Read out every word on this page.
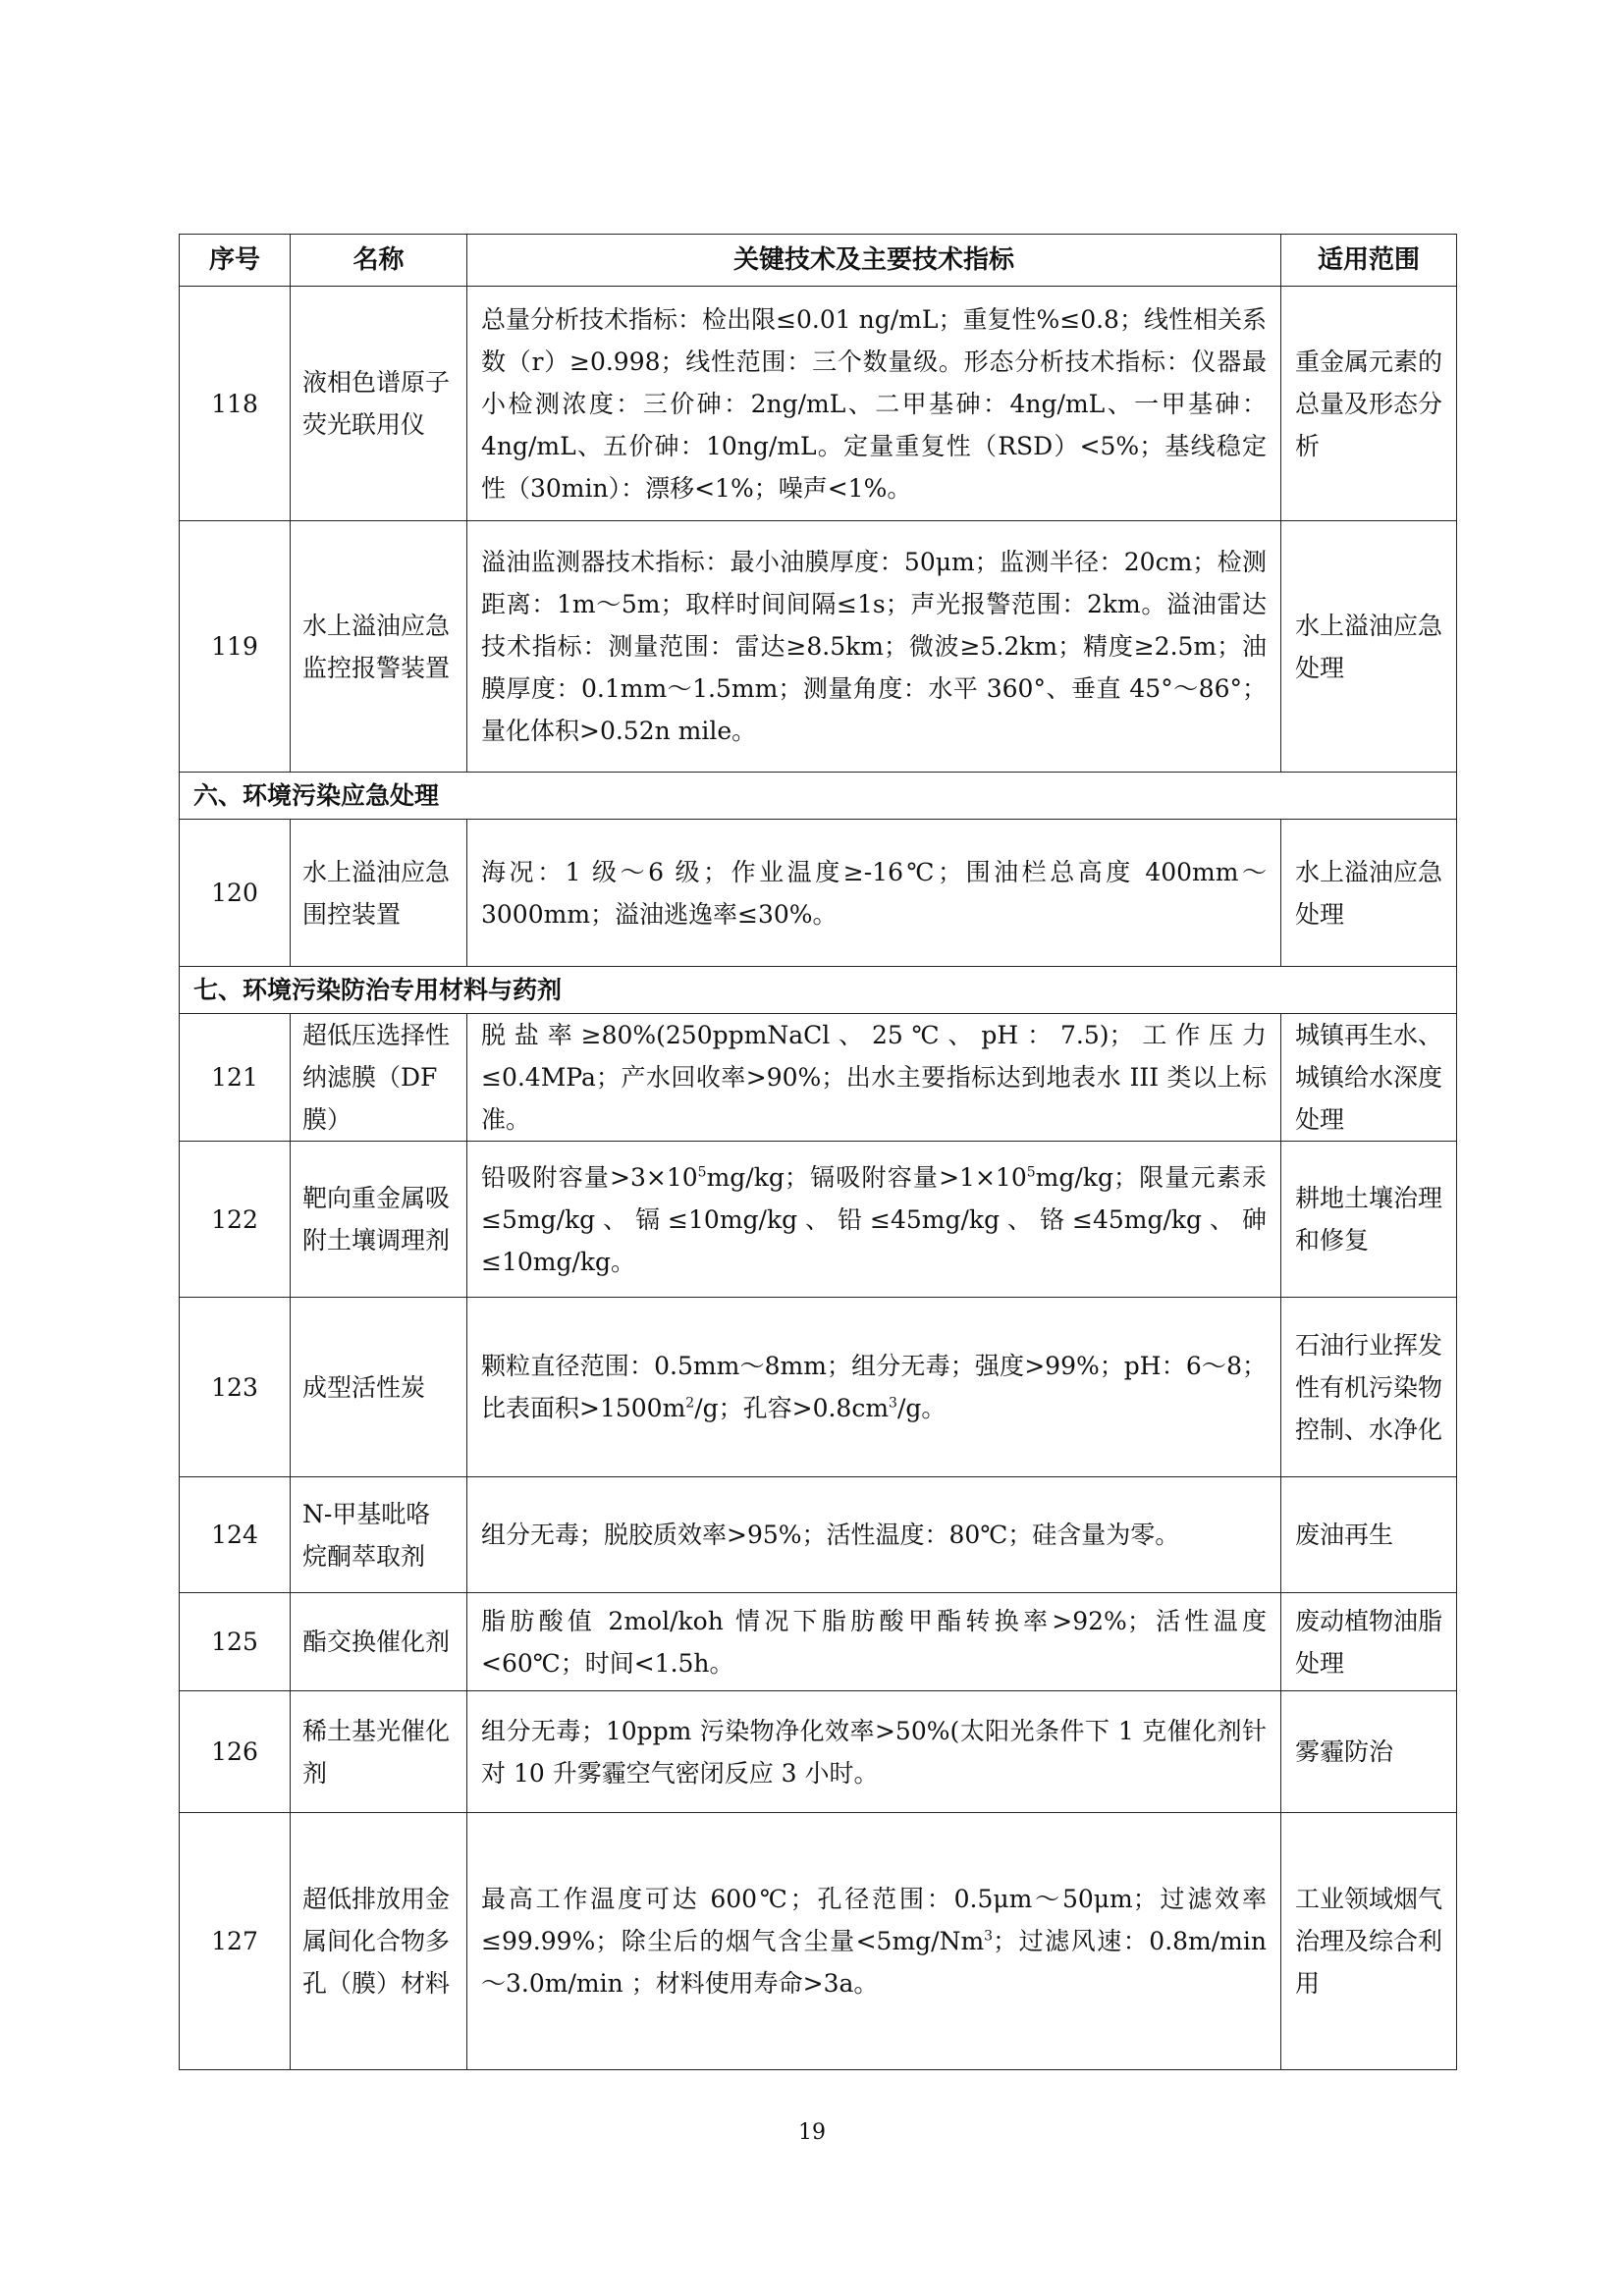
序号	名称	关键技术及主要技术指标	适用范围
118	液相色谱原子荧光联用仪	总量分析技术指标：检出限≤0.01 ng/mL；重复性%≤0.8；线性相关系数（r）≥0.998；线性范围：三个数量级。形态分析技术指标：仪器最小检测浓度：三价砷：2ng/mL、二甲基砷：4ng/mL、一甲基砷：4ng/mL、五价砷：10ng/mL。定量重复性（RSD）<5%；基线稳定性（30min）：漂移<1%；噪声<1%。	重金属元素的总量及形态分析
119	水上溢油应急监控报警装置	溢油监测器技术指标：最小油膜厚度：50μm；监测半径：20cm；检测距离：1m～5m；取样时间间隔≤1s；声光报警范围：2km。溢油雷达技术指标：测量范围：雷达≥8.5km；微波≥5.2km；精度≥2.5m；油膜厚度：0.1mm～1.5mm；测量角度：水平 360°、垂直 45°～86°；量化体积>0.52n mile。	水上溢油应急处理
六、环境污染应急处理			
120	水上溢油应急围控装置	海况：1 级～6 级；作业温度≥-16℃；围油栏总高度 400mm～3000mm；溢油逃逸率≤30%。	水上溢油应急处理
七、环境污染防治专用材料与药剂			
121	超低压选择性纳滤膜（DF 膜）	脱盐率≥80%(250ppmNaCl、25℃、pH：7.5)；工作压力≤0.4MPa；产水回收率>90%；出水主要指标达到地表水 III 类以上标准。	城镇再生水、城镇给水深度处理
122	靶向重金属吸附土壤调理剂	铅吸附容量$>3\times 10^5mg/kg$；镉吸附容量$>1\times 10^5mg/kg$；限量元素汞≤5mg/kg、镉≤10mg/kg、铅≤45mg/kg、铬≤45mg/kg、砷≤10mg/kg。	耕地土壤治理和修复
123	成型活性炭	颗粒直径范围：0.5mm～8mm；组分无毒；强度>99%；pH：6～8；比表面积$>1500m^2/g$；孔容$>0.8cm^3/g$。	石油行业挥发性有机污染物控制、水净化
124	N-甲基吡咯烷酮萃取剂	组分无毒；脱胶质效率>95%；活性温度：80℃；硅含量为零。	废油再生
125	酯交换催化剂	脂肪酸值 2mol/koh 情况下脂肪酸甲酯转换率>92%；活性温度<60℃；时间<1.5h。	废动植物油脂处理
126	稀土基光催化剂	组分无毒；10ppm 污染物净化效率>50%(太阳光条件下 1 克催化剂针对 10 升雾霾空气密闭反应 3 小时。	雾霾防治
127	超低排放用金属间化合物多孔（膜）材料	最高工作温度可达 600℃；孔径范围：0.5μm～50μm；过滤效率≤99.99%；除尘后的烟气含尘量$<5mg/Nm^3$；过滤风速：0.8m/min～3.0m/min ；材料使用寿命>3a。	工业领域烟气治理及综合利用
19
